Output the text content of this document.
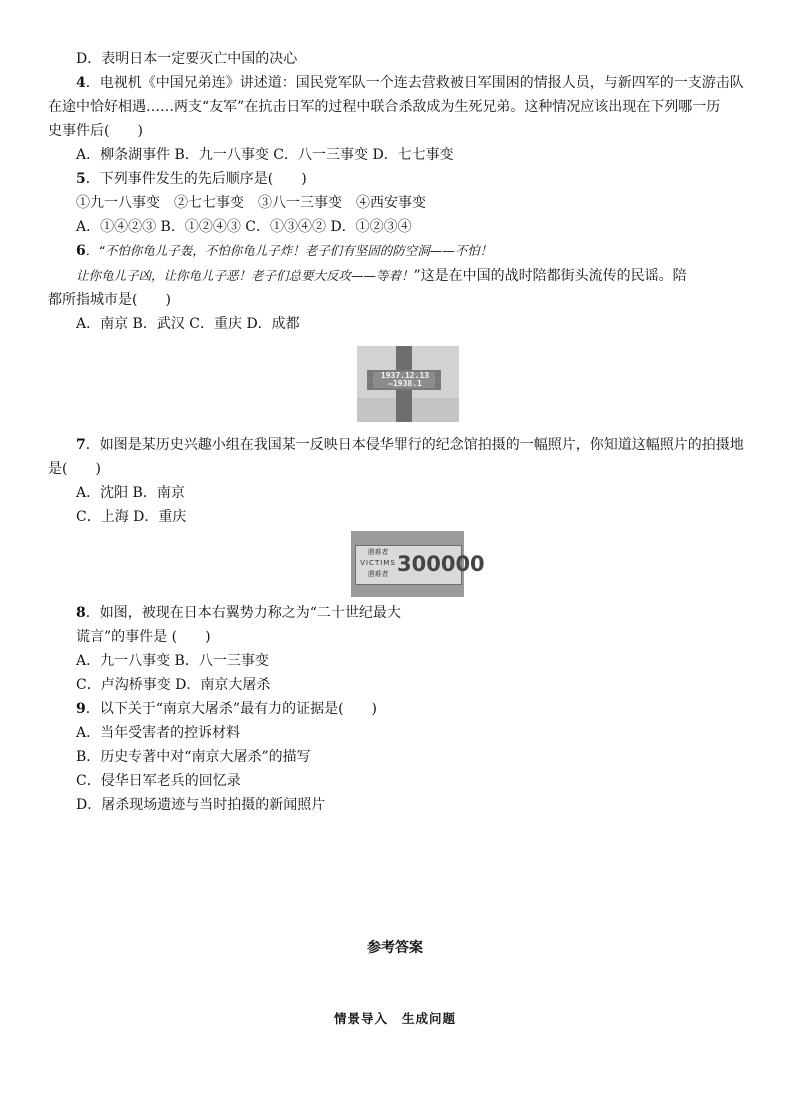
D．表明日本一定要灭亡中国的决心
4．电视机《中国兄弟连》讲述道：国民党军队一个连去营救被日军围困的情报人员，与新四军的一支游击队
在途中恰好相遇……两支“友军”在抗击日军的过程中联合杀敌成为生死兄弟。这种情况应该出现在下列哪一历
史事件后(　　)
A．柳条湖事件 B．九一八事变 C．八一三事变 D．七七事变
5．下列事件发生的先后顺序是(　　)
①九一八事变　②七七事变　③八一三事变　④西安事变
A．①④②③ B．①②④③ C．①③④② D．①②③④
6．“不怕你龟儿子轰，不怕你龟儿子炸！老子们有坚固的防空洞——不怕！
让你龟儿子凶，让你龟儿子恶！老子们总要大反攻——等着！”这是在中国的战时陪都街头流传的民谣。陪
都所指城市是(　　)
A．南京 B．武汉 C．重庆 D．成都
1937.12.13
—1938.1
7．如图是某历史兴趣小组在我国某一反映日本侵华罪行的纪念馆拍摄的一幅照片，你知道这幅照片的拍摄地
是(　　)
A．沈阳 B．南京
C．上海 D．重庆
遇难者
VICTIMS
遇难者 300000
8．如图，被现在日本右翼势力称之为“二十世纪最大
谎言”的事件是 (　　)
A．九一八事变 B．八一三事变
C．卢沟桥事变 D．南京大屠杀
9．以下关于“南京大屠杀”最有力的证据是(　　)
A．当年受害者的控诉材料
B．历史专著中对“南京大屠杀”的描写
C．侵华日军老兵的回忆录
D．屠杀现场遗迹与当时拍摄的新闻照片
参考答案
情景导入 生成问题
